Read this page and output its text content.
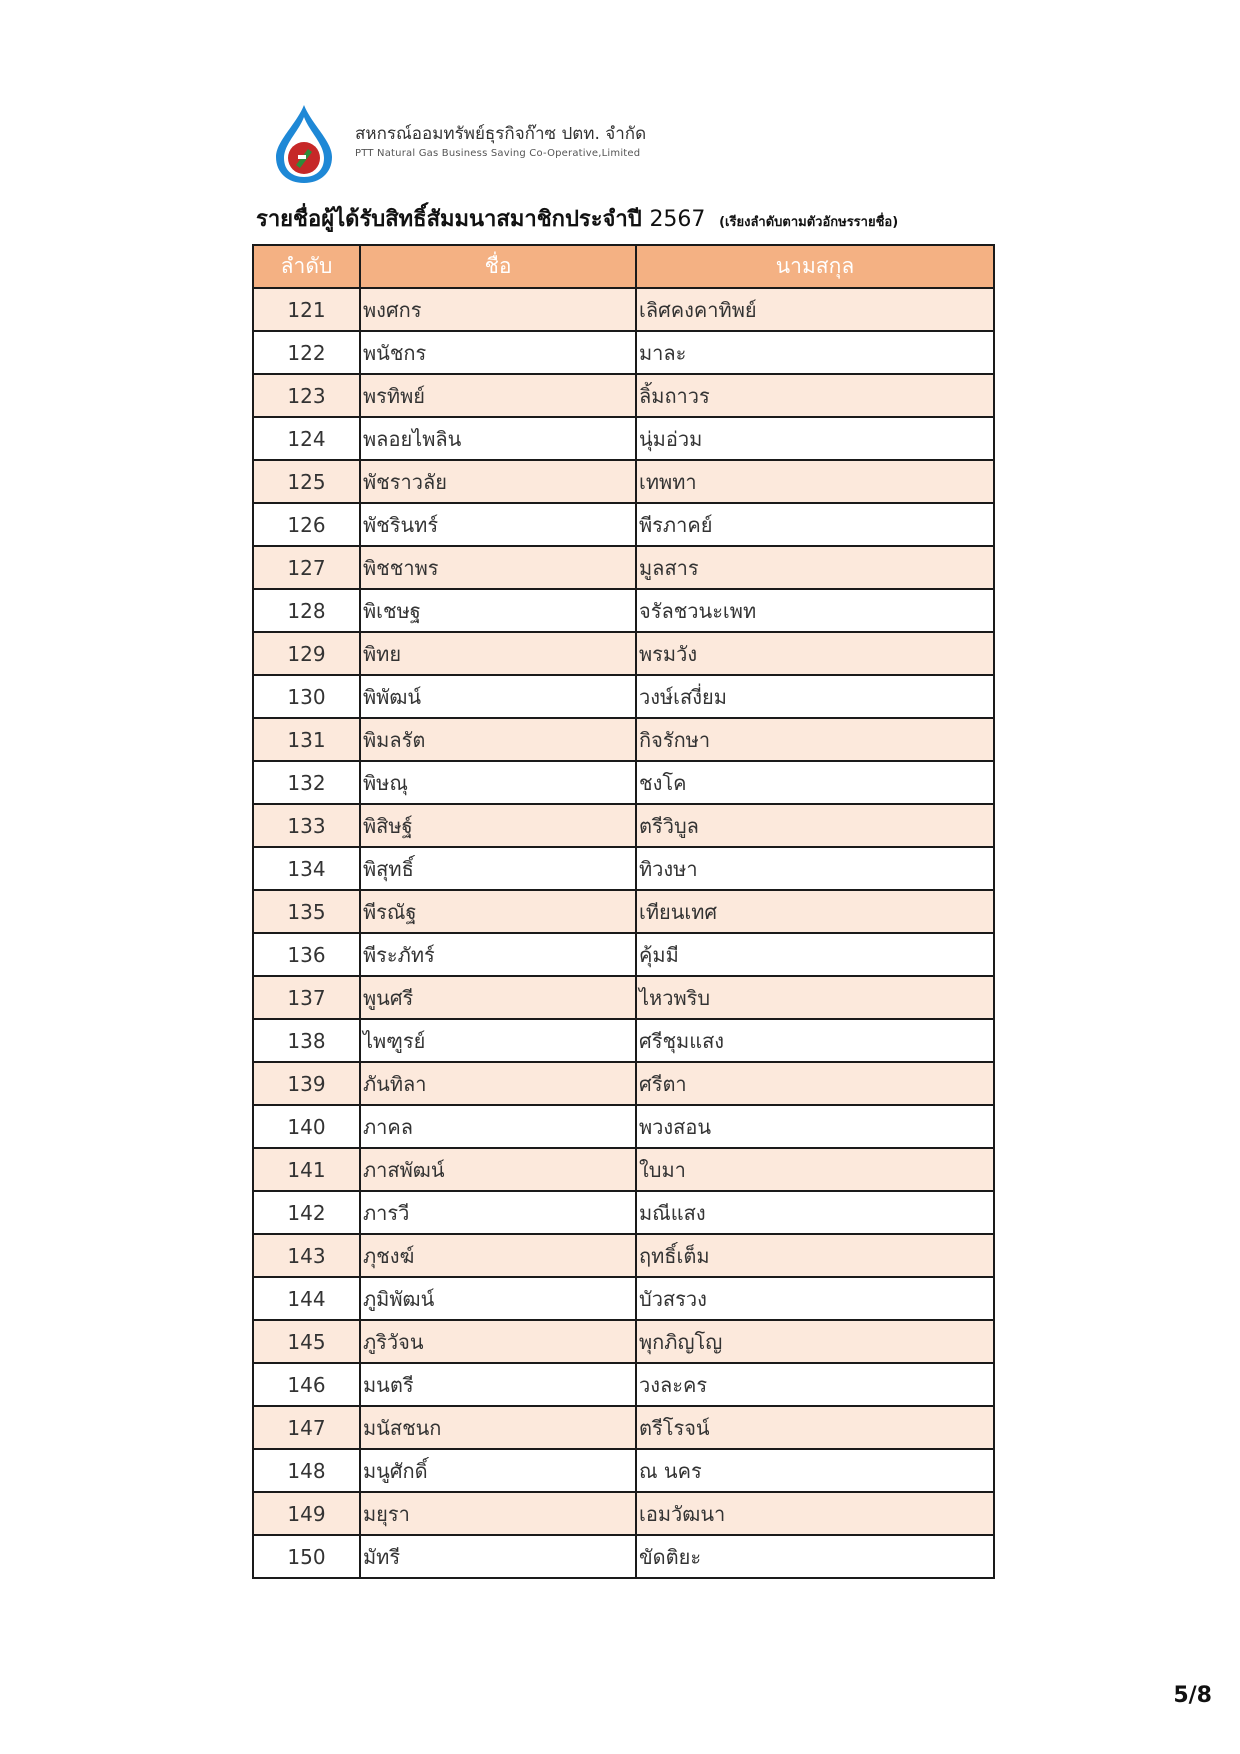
สหกรณ์ออมทรัพย์ธุรกิจก๊าซ ปตท. จำกัด
PTT Natural Gas Business Saving Co-Operative,Limited
รายชื่อผู้ได้รับสิทธิ์สัมมนาสมาชิกประจำปี 2567 (เรียงลำดับตามตัวอักษรรายชื่อ)
ลำดับ	ชื่อ	นามสกุล
121	พงศกร	เลิศคงคาทิพย์
122	พนัชกร	มาละ
123	พรทิพย์	ลิ้มถาวร
124	พลอยไพลิน	นุ่มอ่วม
125	พัชราวลัย	เทพทา
126	พัชรินทร์	พีรภาคย์
127	พิชชาพร	มูลสาร
128	พิเชษฐ	จรัลชวนะเพท
129	พิทย	พรมวัง
130	พิพัฒน์	วงษ์เสงี่ยม
131	พิมลรัต	กิจรักษา
132	พิษณุ	ชงโค
133	พิสิษฐ์	ตรีวิบูล
134	พิสุทธิ์	ทิวงษา
135	พีรณัฐ	เทียนเทศ
136	พีระภัทร์	คุ้มมี
137	พูนศรี	ไหวพริบ
138	ไพฑูรย์	ศรีชุมแสง
139	ภันทิลา	ศรีตา
140	ภาคล	พวงสอน
141	ภาสพัฒน์	ใบมา
142	ภารวี	มณีแสง
143	ภุชงฆ์	ฤทธิ์เต็ม
144	ภูมิพัฒน์	บัวสรวง
145	ภูริวัจน	พุกภิญโญ
146	มนตรี	วงละคร
147	มนัสชนก	ตรีโรจน์
148	มนูศักดิ์	ณ นคร
149	มยุรา	เอมวัฒนา
150	มัทรี	ขัดติยะ
5/8
